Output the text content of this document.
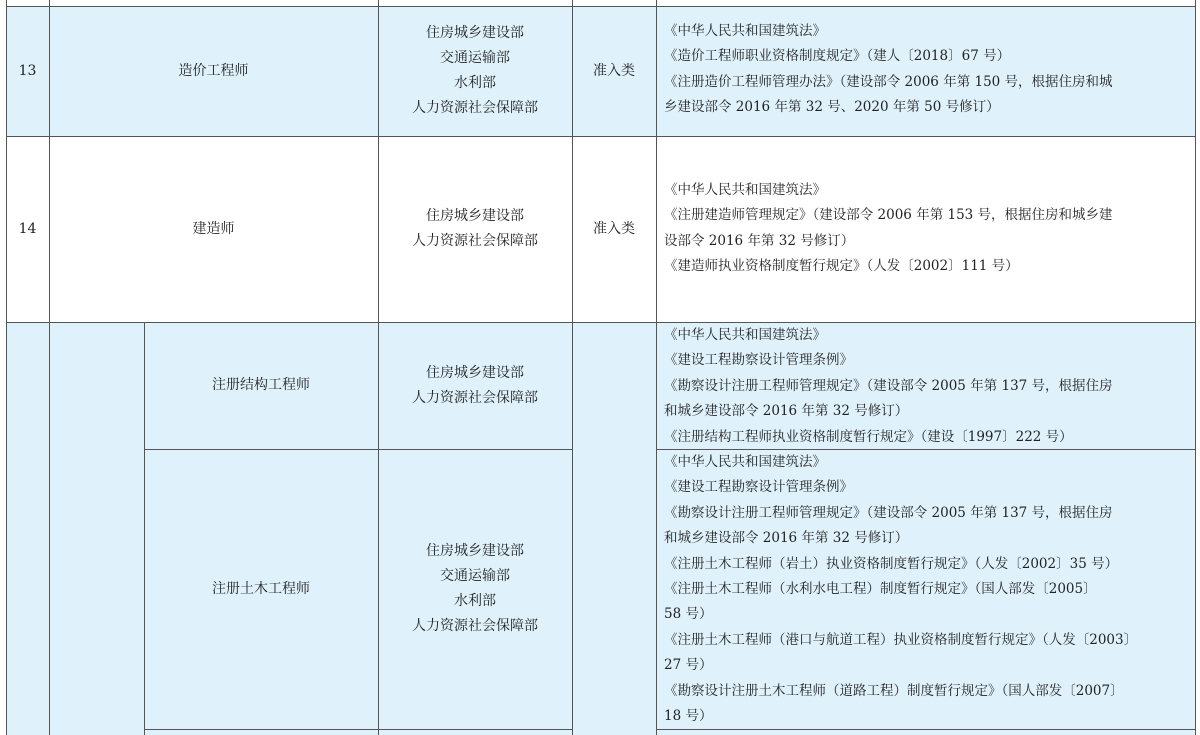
13	造价工程师
住房城乡建设部
交通运输部
水利部
人力资源社会保障部
准入类
《中华人民共和国建筑法》
《造价工程师职业资格制度规定》（建人〔2018〕67 号）
《注册造价工程师管理办法》（建设部令 2006 年第 150 号，根据住房和城
乡建设部令 2016 年第 32 号、2020 年第 50 号修订）
14	建造师
住房城乡建设部
人力资源社会保障部
准入类
《中华人民共和国建筑法》
《注册建造师管理规定》（建设部令 2006 年第 153 号，根据住房和城乡建
设部令 2016 年第 32 号修订）
《建造师执业资格制度暂行规定》（人发〔2002〕111 号）
注册结构工程师
住房城乡建设部
人力资源社会保障部
《中华人民共和国建筑法》
《建设工程勘察设计管理条例》
《勘察设计注册工程师管理规定》（建设部令 2005 年第 137 号，根据住房
和城乡建设部令 2016 年第 32 号修订）
《注册结构工程师执业资格制度暂行规定》（建设〔1997〕222 号）
注册土木工程师
住房城乡建设部
交通运输部
水利部
人力资源社会保障部
《中华人民共和国建筑法》
《建设工程勘察设计管理条例》
《勘察设计注册工程师管理规定》（建设部令 2005 年第 137 号，根据住房
和城乡建设部令 2016 年第 32 号修订）
《注册土木工程师（岩土）执业资格制度暂行规定》（人发〔2002〕35 号）
《注册土木工程师（水利水电工程）制度暂行规定》（国人部发〔2005〕
58 号）
《注册土木工程师（港口与航道工程）执业资格制度暂行规定》（人发〔2003〕
27 号）
《勘察设计注册土木工程师（道路工程）制度暂行规定》（国人部发〔2007〕
18 号）
